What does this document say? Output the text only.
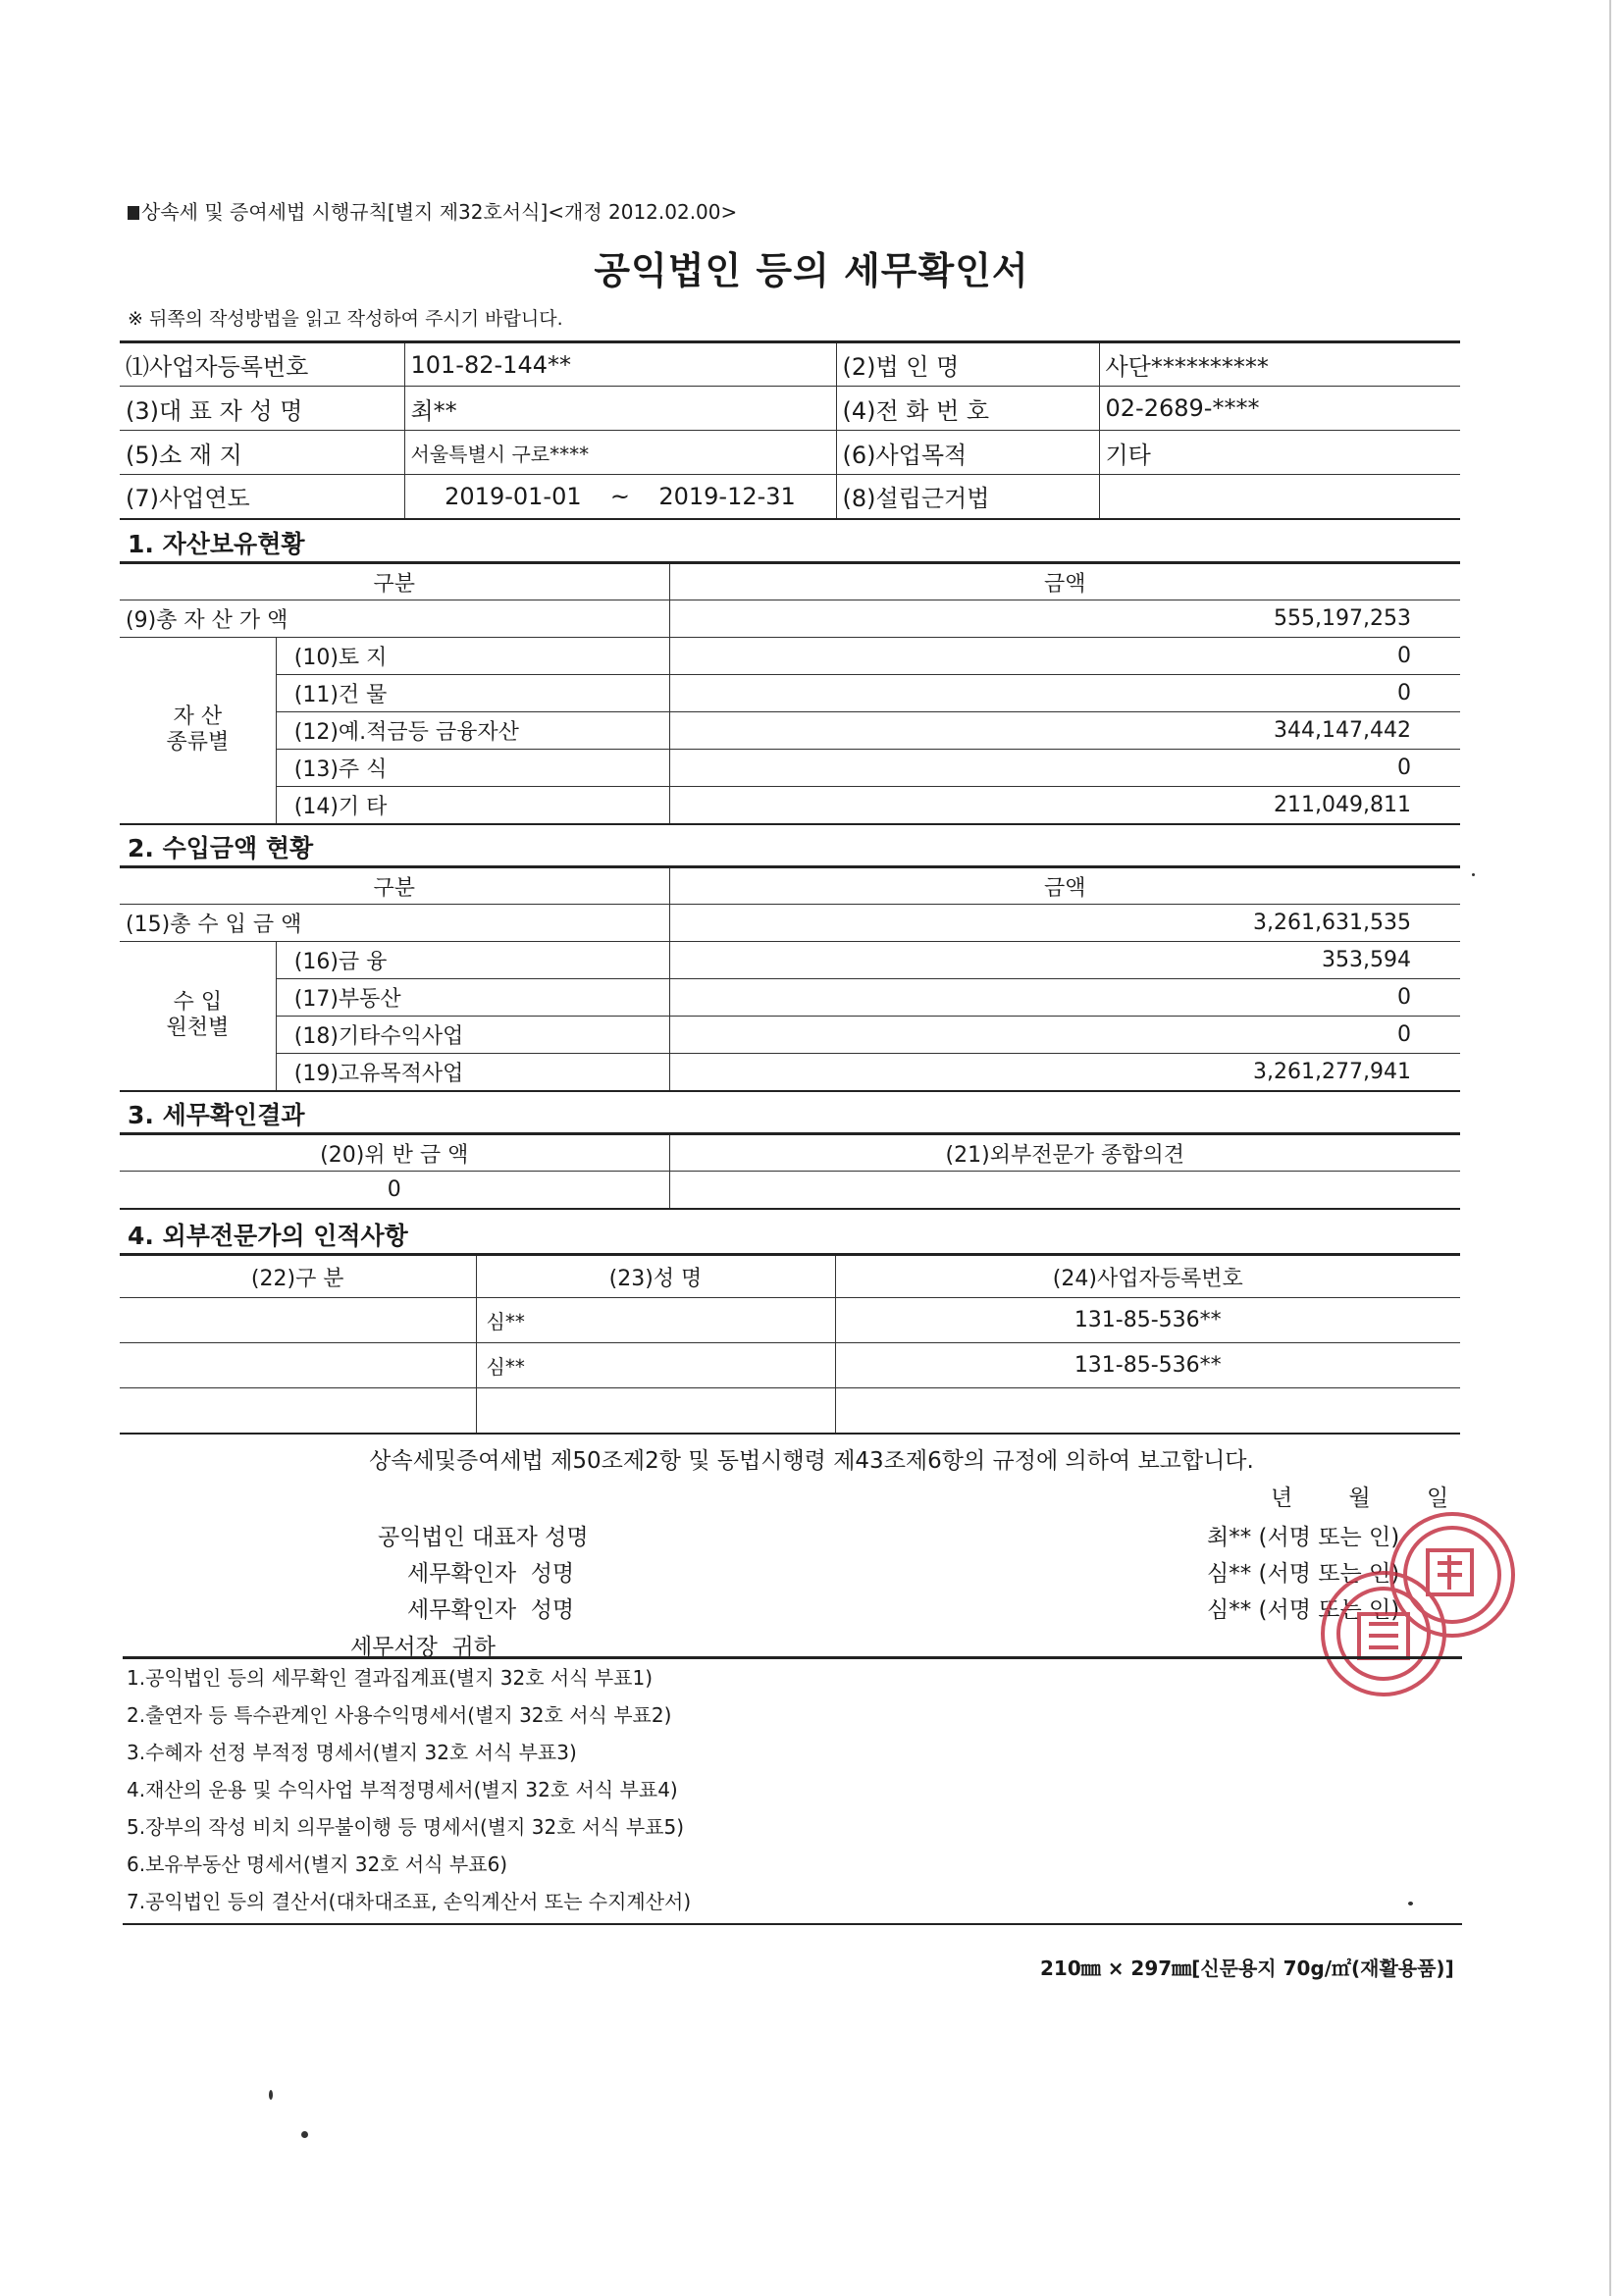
상속세 및 증여세법 시행규칙[별지 제32호서식]<개정 2012.02.00>
공익법인 등의 세무확인서
※ 뒤쪽의 작성방법을 읽고 작성하여 주시기 바랍니다.
⑴사업자등록번호	101-82-144**	(2)법 인 명	사단**********
(3)대 표 자 성 명	최**	(4)전 화 번 호	02-2689-****
(5)소 재 지	서울특별시 구로****	(6)사업목적	기타
(7)사업연도	2019-01-01 ~ 2019-12-31	(8)설립근거법	
1. 자산보유현황
구분		금액
(9)총 자 산 가 액		555,197,253

자 산
종류별	(10)토 지	0
	(11)건 물	0
	(12)예.적금등 금융자산	344,147,442
	(13)주 식	0
	(14)기 타	211,049,811
2. 수입금액 현황
구분		금액
(15)총 수 입 금 액		3,261,631,535

수 입
원천별	(16)금 융	353,594
	(17)부동산	0
	(18)기타수익사업	0
	(19)고유목적사업	3,261,277,941
3. 세무확인결과
(20)위 반 금 액	(21)외부전문가 종합의견
0	
4. 외부전문가의 인적사항
(22)구 분	(23)성 명	(24)사업자등록번호
	심**	131-85-536**
	심**	131-85-536**

상속세및증여세법 제50조제2항 및 동법시행령 제43조제6항의 규정에 의하여 보고합니다.
년 월 일
공익법인 대표자 성명	최** (서명 또는 인)
세무확인자  성명	심** (서명 또는 인)
세무확인자  성명	심** (서명 또는 인)
세무서장  귀하
1.공익법인 등의 세무확인 결과집계표(별지 32호 서식 부표1)
2.출연자 등 특수관계인 사용수익명세서(별지 32호 서식 부표2)
3.수혜자 선정 부적정 명세서(별지 32호 서식 부표3)
4.재산의 운용 및 수익사업 부적정명세서(별지 32호 서식 부표4)
5.장부의 작성 비치 의무불이행 등 명세서(별지 32호 서식 부표5)
6.보유부동산 명세서(별지 32호 서식 부표6)
7.공익법인 등의 결산서(대차대조표, 손익계산서 또는 수지계산서)
210㎜ × 297㎜[신문용지 70g/㎡(재활용품)]
